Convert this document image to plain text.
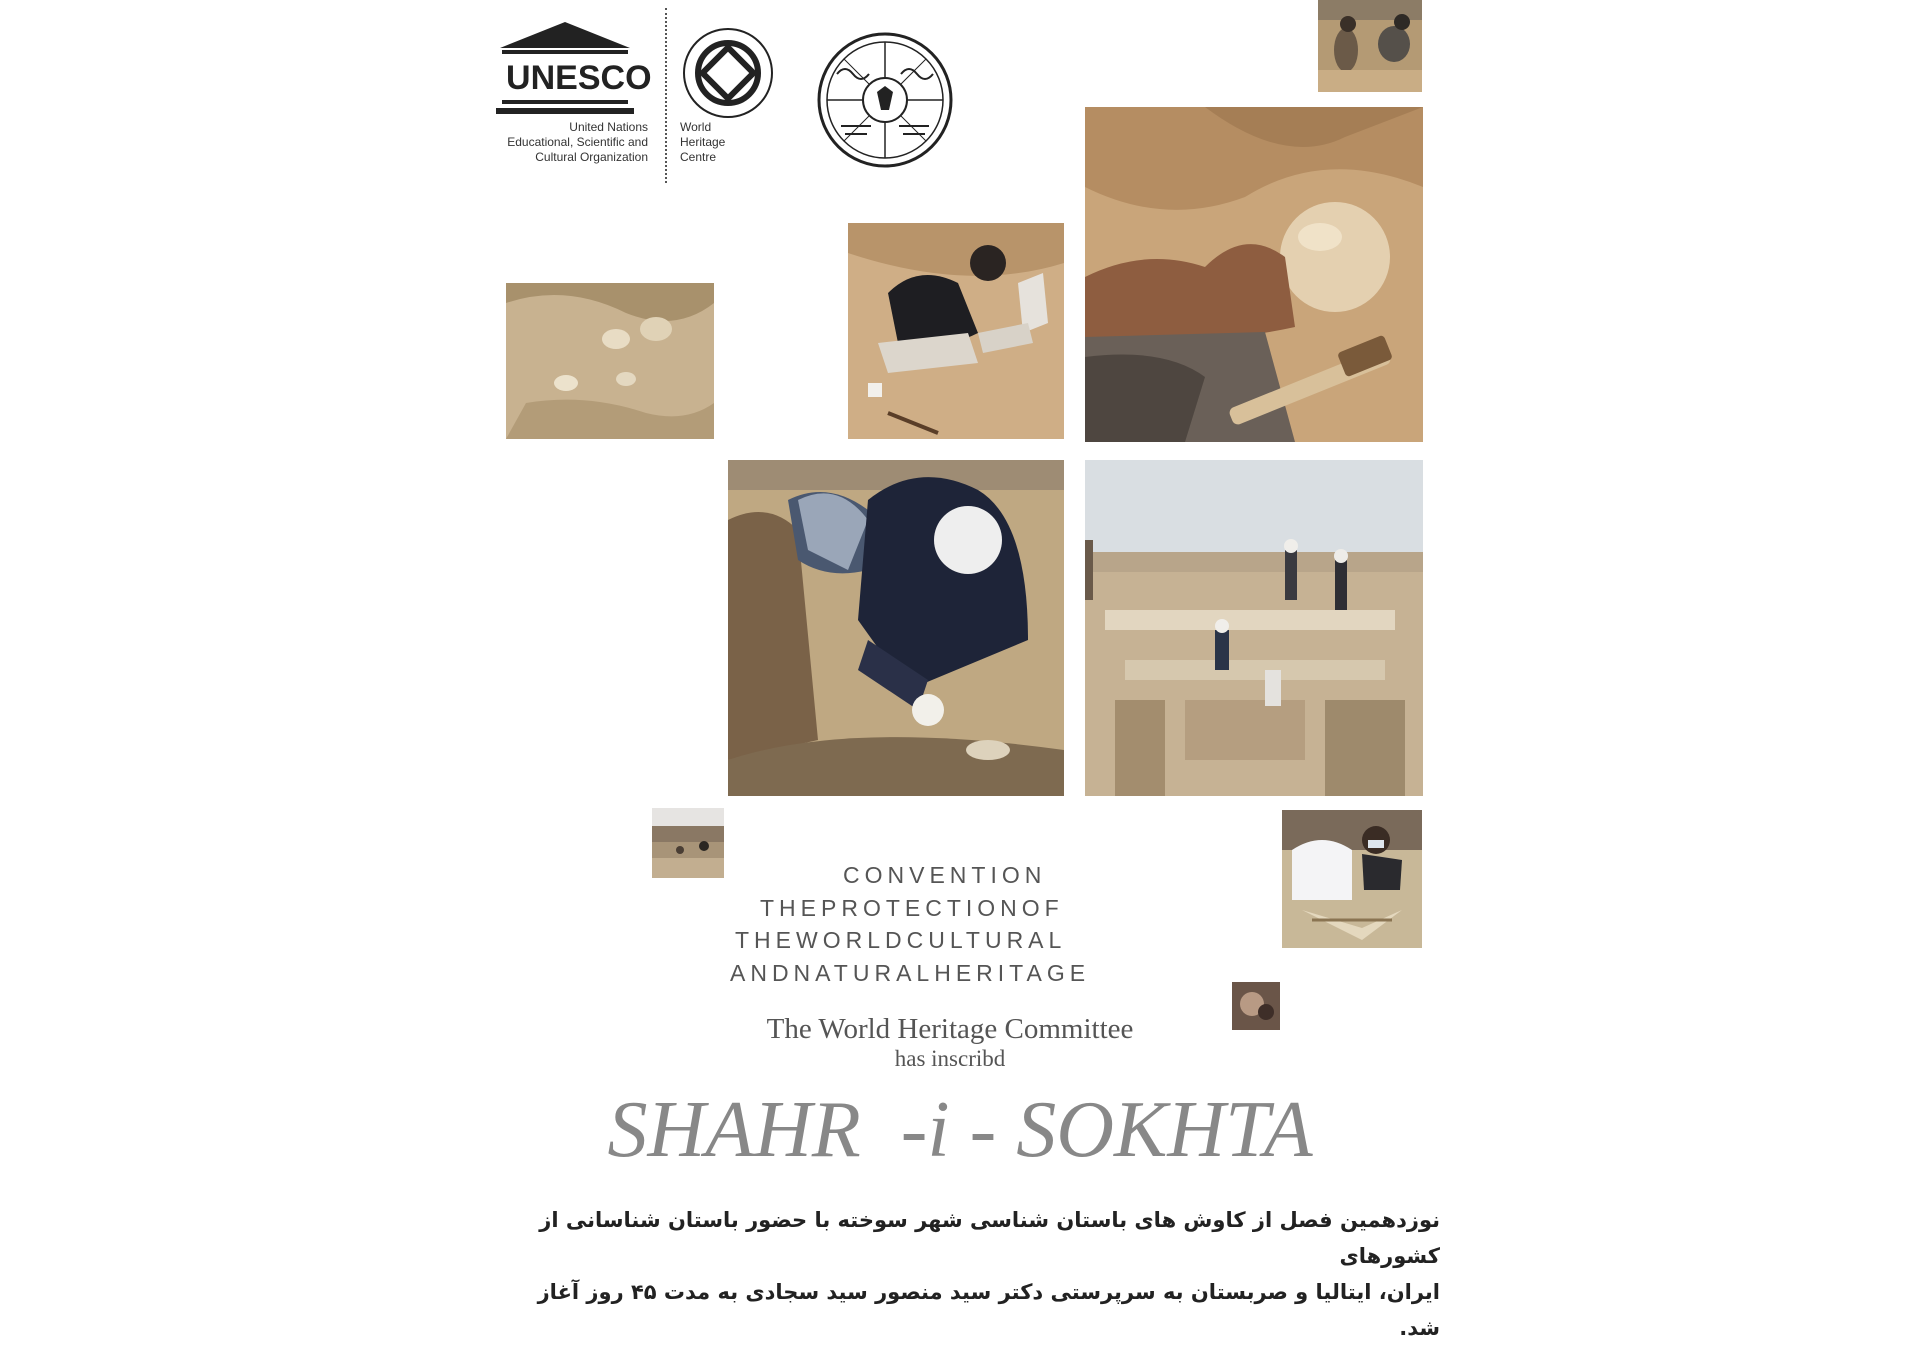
U N E S C O
United Nations
Educational, Scientific and
Cultural Organization
World
Heritage
Centre
CONVENTION
THEPROTECTIONOF
THEWORLDCULTURAL
ANDNATURALHERITAGE
The World Heritage Committee
has inscribd
SHAHR  -i - SOKHTA
نوزدهمین فصل از کاوش های باستان شناسی شهر سوخته با حضور باستان شناسانی از کشورهای
ایران، ایتالیا و صربستان به سرپرستی دکتر سید منصور سید سجادی به مدت ۴۵ روز آغاز شد.
